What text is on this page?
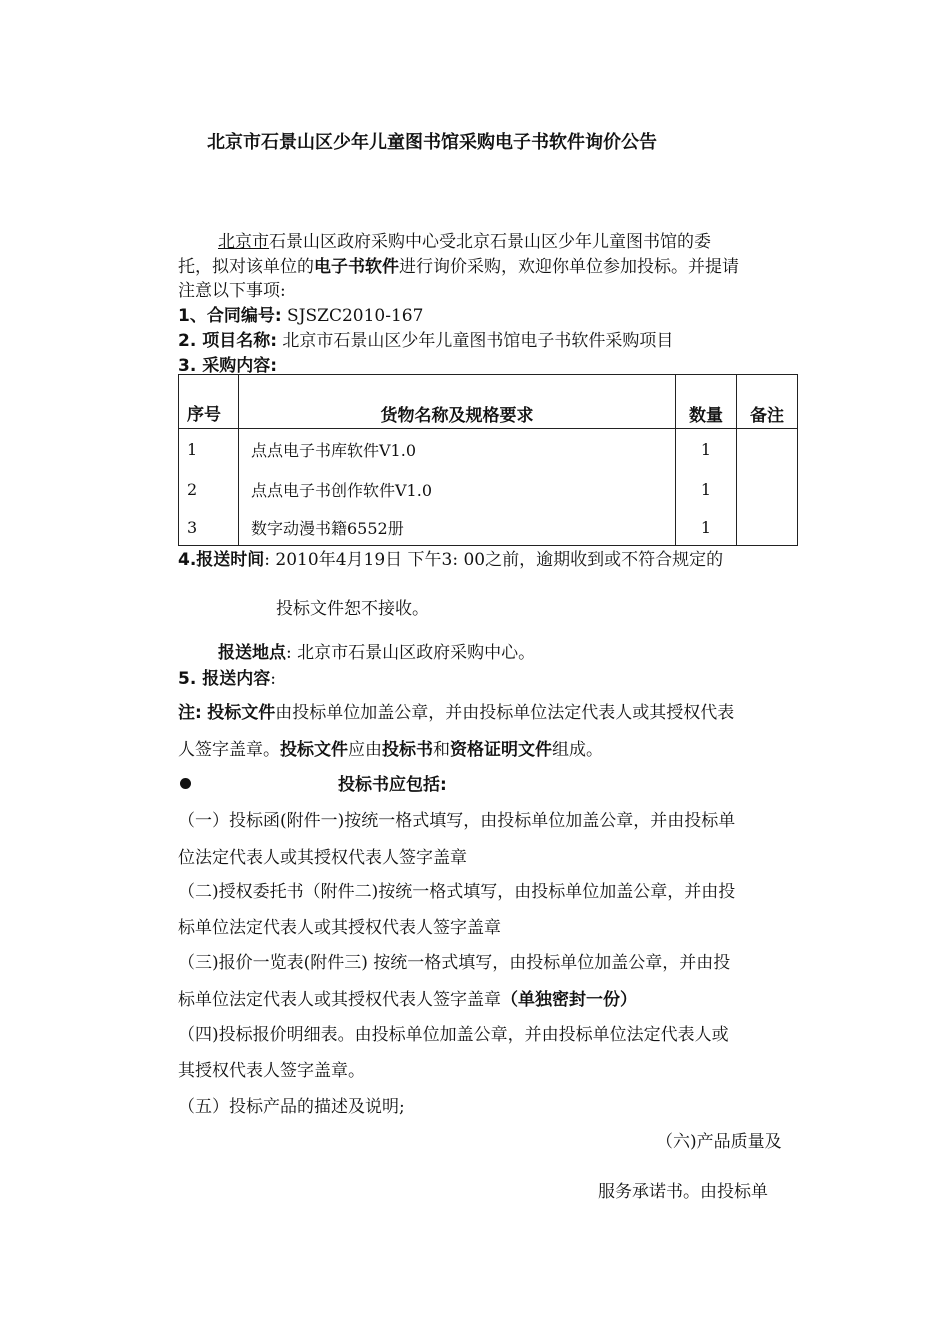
北京市石景山区少年儿童图书馆采购电子书软件询价公告
北京市石景山区政府采购中心受北京石景山区少年儿童图书馆的委
托，拟对该单位的电子书软件进行询价采购，欢迎你单位参加投标。并提请
注意以下事项:
1、合同编号: SJSZC2010-167
2. 项目名称: 北京市石景山区少年儿童图书馆电子书软件采购项目
3. 采购内容:
序号	货物名称及规格要求	数量	备注
1	点点电子书库软件V1.0	1	
2	点点电子书创作软件V1.0	1	
3	数字动漫书籍6552册	1	
4.报送时间: 2010年4月19日 下午3: 00之前，逾期收到或不符合规定的
投标文件恕不接收。
报送地点: 北京市石景山区政府采购中心。
5. 报送内容:
注: 投标文件由投标单位加盖公章，并由投标单位法定代表人或其授权代表
人签字盖章。投标文件应由投标书和资格证明文件组成。
投标书应包括:
（一）投标函(附件一)按统一格式填写，由投标单位加盖公章，并由投标单
位法定代表人或其授权代表人签字盖章
（二)授权委托书（附件二)按统一格式填写，由投标单位加盖公章，并由投
标单位法定代表人或其授权代表人签字盖章
（三)报价一览表(附件三) 按统一格式填写，由投标单位加盖公章，并由投
标单位法定代表人或其授权代表人签字盖章（单独密封一份）
（四)投标报价明细表。由投标单位加盖公章，并由投标单位法定代表人或
其授权代表人签字盖章。
（五）投标产品的描述及说明;
（六)产品质量及
服务承诺书。由投标单
